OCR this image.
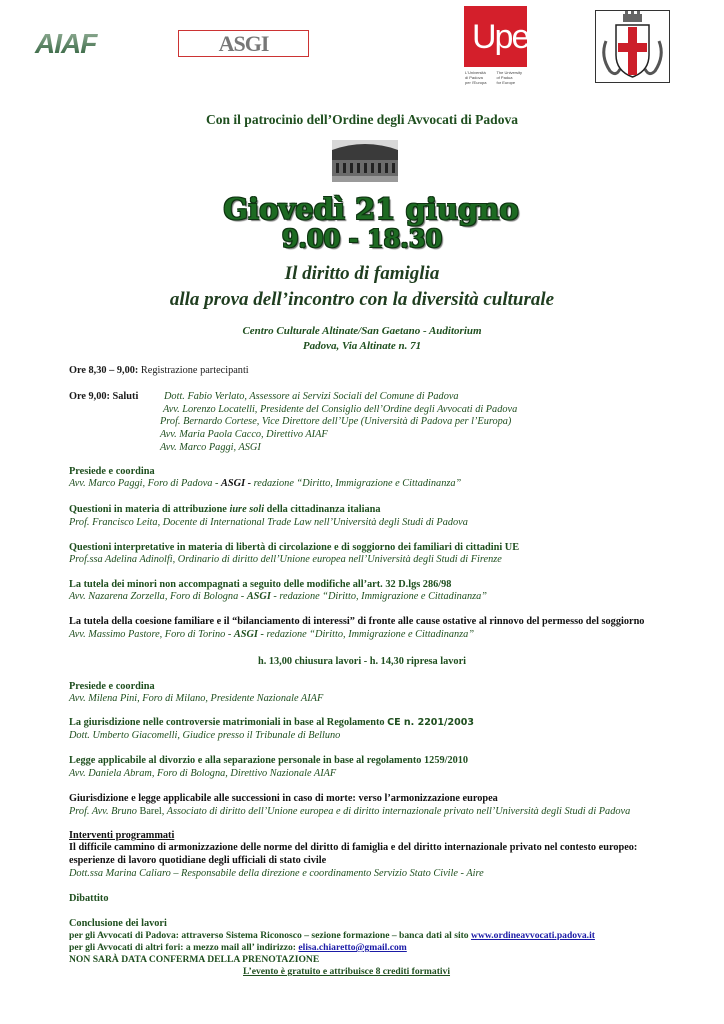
AIAF	ASGI	Upe
L'Università
di Padova
per l'Europa
The University
of Padua
for Europe
Con il patrocinio dell’Ordine degli Avvocati di Padova
Giovedì 21 giugno
9.00 - 18.30
Il diritto di famiglia
alla prova dell’incontro con la diversità culturale
Centro Culturale Altinate/San Gaetano - Auditorium
Padova, Via Altinate n. 71
Ore 8,30 – 9,00: Registrazione partecipanti
Ore 9,00: Saluti Dott. Fabio Verlato, Assessore ai Servizi Sociali del Comune di Padova
Avv. Lorenzo Locatelli, Presidente del Consiglio dell’Ordine degli Avvocati di Padova
Prof. Bernardo Cortese, Vice Direttore dell’Upe (Università di Padova per l’Europa)
Avv. Maria Paola Cacco, Direttivo AIAF
Avv. Marco Paggi, ASGI
Presiede e coordina
Avv. Marco Paggi, Foro di Padova - ASGI - redazione “Diritto, Immigrazione e Cittadinanza”
Questioni in materia di attribuzione iure soli della cittadinanza italiana
Prof. Francisco Leita, Docente di International Trade Law nell’Università degli Studi di Padova
Questioni interpretative in materia di libertà di circolazione e di soggiorno dei familiari di cittadini UE
Prof.ssa Adelina Adinolfi, Ordinario di diritto dell’Unione europea nell’Università degli Studi di Firenze
La tutela dei minori non accompagnati a seguito delle modifiche all’art. 32 D.lgs 286/98
Avv. Nazarena Zorzella, Foro di Bologna - ASGI - redazione “Diritto, Immigrazione e Cittadinanza”
La tutela della coesione familiare e il “bilanciamento di interessi” di fronte alle cause ostative al rinnovo del permesso del soggiorno
Avv. Massimo Pastore, Foro di Torino - ASGI - redazione “Diritto, Immigrazione e Cittadinanza”
h. 13,00 chiusura lavori - h. 14,30 ripresa lavori
Presiede e coordina
Avv. Milena Pini, Foro di Milano, Presidente Nazionale AIAF
La giurisdizione nelle controversie matrimoniali in base al Regolamento CE n. 2201/2003
Dott. Umberto Giacomelli, Giudice presso il Tribunale di Belluno
Legge applicabile al divorzio e alla separazione personale in base al regolamento 1259/2010
Avv. Daniela Abram, Foro di Bologna, Direttivo Nazionale AIAF
Giurisdizione e legge applicabile alle successioni in caso di morte: verso l’armonizzazione europea
Prof. Avv. Bruno Barel, Associato di diritto dell’Unione europea e di diritto internazionale privato nell’Università degli Studi di Padova
Interventi programmati
Il difficile cammino di armonizzazione delle norme del diritto di famiglia e del diritto internazionale privato nel contesto europeo:
esperienze di lavoro quotidiane degli ufficiali di stato civile
Dott.ssa Marina Caliaro – Responsabile della direzione e coordinamento Servizio Stato Civile - Aire
Dibattito
Conclusione dei lavori
per gli Avvocati di Padova: attraverso Sistema Riconosco – sezione formazione – banca dati al sito www.ordineavvocati.padova.it
per gli Avvocati di altri fori: a mezzo mail all’ indirizzo: elisa.chiaretto@gmail.com
NON SARÀ DATA CONFERMA DELLA PRENOTAZIONE
L’evento è gratuito e attribuisce 8 crediti formativi
